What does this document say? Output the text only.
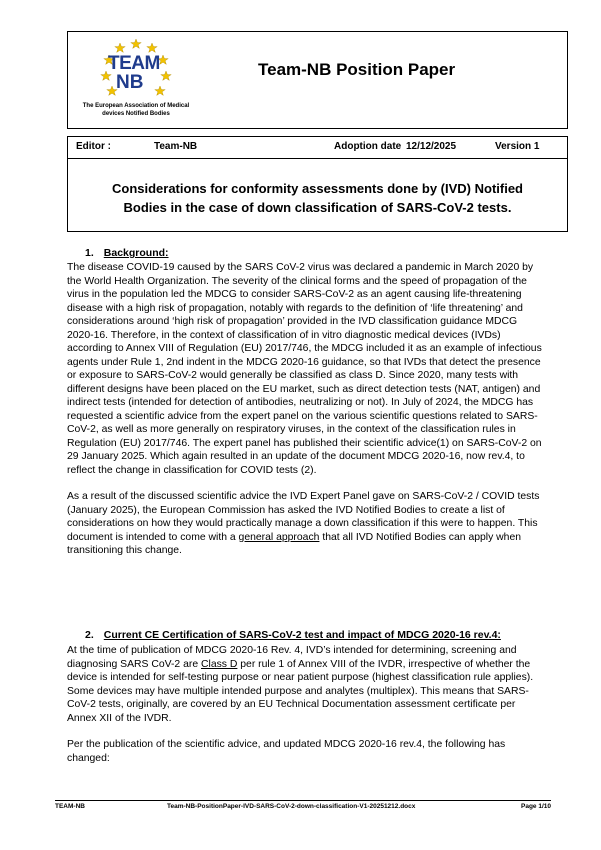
TEAM
NB
The European Association of Medical devices Notified Bodies
Team-NB Position Paper
Editor :	Team-NB	Adoption date 12/12/2025	Version 1
Considerations for conformity assessments done by (IVD) Notified
Bodies in the case of down classification of SARS-CoV-2 tests.
1. Background:

The disease COVID-19 caused by the SARS CoV-2 virus was declared a pandemic in March 2020 by the World Health Organization. The severity of the clinical forms and the speed of propagation of the virus in the population led the MDCG to consider SARS-CoV-2 as an agent causing life-threatening disease with a high risk of propagation, notably with regards to the definition of ‘life threatening’ and considerations around ‘high risk of propagation’ provided in the IVD classification guidance MDCG 2020-16. Therefore, in the context of classification of in vitro diagnostic medical devices (IVDs) according to Annex VIII of Regulation (EU) 2017/746, the MDCG included it as an example of infectious agents under Rule 1, 2nd indent in the MDCG 2020-16 guidance, so that IVDs that detect the presence or exposure to SARS-CoV-2 would generally be classified as class D. Since 2020, many tests with different designs have been placed on the EU market, such as direct detection tests (NAT, antigen) and indirect tests (intended for detection of antibodies, neutralizing or not). In July of 2024, the MDCG has requested a scientific advice from the expert panel on the various scientific questions related to SARS-CoV-2, as well as more generally on respiratory viruses, in the context of the classification rules in Regulation (EU) 2017/746. The expert panel has published their scientific advice(1) on SARS-CoV-2 on 29 January 2025. Which again resulted in an update of the document MDCG 2020-16, now rev.4, to reflect the change in classification for COVID tests (2).

As a result of the discussed scientific advice the IVD Expert Panel gave on SARS-CoV-2 / COVID tests (January 2025), the European Commission has asked the IVD Notified Bodies to create a list of considerations on how they would practically manage a down classification if this were to happen. This document is intended to come with a general approach that all IVD Notified Bodies can apply when transitioning this change.

2. Current CE Certification of SARS-CoV-2 test and impact of MDCG 2020-16 rev.4:

At the time of publication of MDCG 2020-16 Rev. 4, IVD’s intended for determining, screening and diagnosing SARS CoV-2 are Class D per rule 1 of Annex VIII of the IVDR, irrespective of whether the device is intended for self-testing purpose or near patient purpose (highest classification rule applies). Some devices may have multiple intended purpose and analytes (multiplex). This means that SARS-CoV-2 tests, originally, are covered by an EU Technical Documentation assessment certificate per Annex XII of the IVDR.

Per the publication of the scientific advice, and updated MDCG 2020-16 rev.4, the following has changed:

TEAM-NB	Team-NB-PositionPaper-IVD-SARS-CoV-2-down-classification-V1-20251212.docx	Page 1/10
